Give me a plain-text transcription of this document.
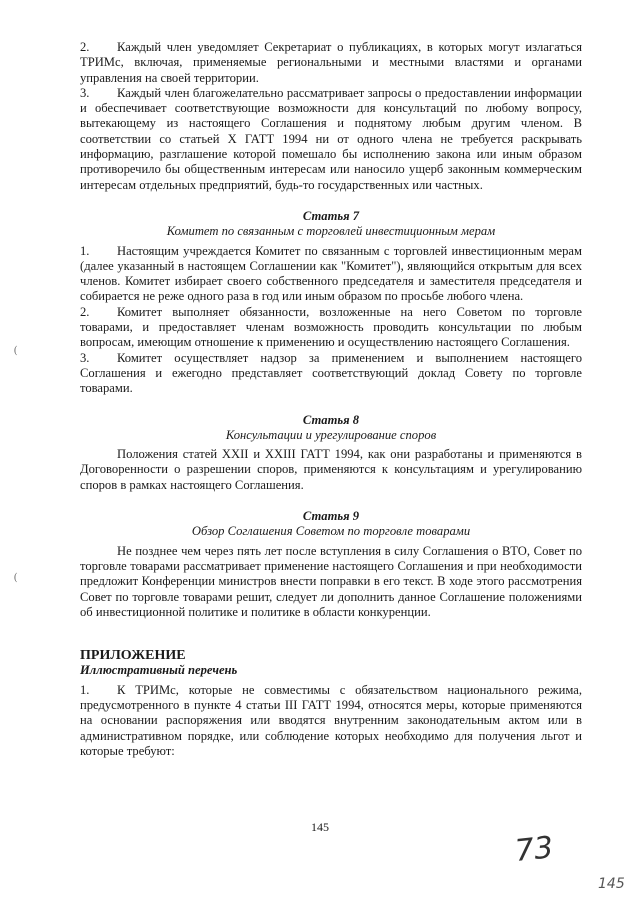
2. Каждый член уведомляет Секретариат о публикациях, в которых могут излагаться ТРИМс, включая, применяемые региональными и местными властями и органами управления на своей территории.

3. Каждый член благожелательно рассматривает запросы о предоставлении информации и обеспечивает соответствующие возможности для консультаций по любому вопросу, вытекающему из настоящего Соглашения и поднятому любым другим членом. В соответствии со статьей X ГАТТ 1994 ни от одного члена не требуется раскрывать информацию, разглашение которой помешало бы исполнению закона или иным образом противоречило бы общественным интересам или наносило ущерб законным коммерческим интересам отдельных предприятий, будь-то государственных или частных.

Статья 7
Комитет по связанным с торговлей инвестиционным мерам

1. Настоящим учреждается Комитет по связанным с торговлей инвестиционным мерам (далее указанный в настоящем Соглашении как "Комитет"), являющийся открытым для всех членов. Комитет избирает своего собственного председателя и заместителя председателя и собирается не реже одного раза в год или иным образом по просьбе любого члена.

2. Комитет выполняет обязанности, возложенные на него Советом по торговле товарами, и предоставляет членам возможность проводить консультации по любым вопросам, имеющим отношение к применению и осуществлению настоящего Соглашения.

3. Комитет осуществляет надзор за применением и выполнением настоящего Соглашения и ежегодно представляет соответствующий доклад Совету по торговле товарами.

Статья 8
Консультации и урегулирование споров

Положения статей XXII и XXIII ГАТТ 1994, как они разработаны и применяются в Договоренности о разрешении споров, применяются к консультациям и урегулированию споров в рамках настоящего Соглашения.

Статья 9
Обзор Соглашения Советом по торговле товарами

Не позднее чем через пять лет после вступления в силу Соглашения о ВТО, Совет по торговле товарами рассматривает применение настоящего Соглашения и при необходимости предложит Конференции министров внести поправки в его текст. В ходе этого рассмотрения Совет по торговле товарами решит, следует ли дополнить данное Соглашение положениями об инвестиционной политике и политике в области конкуренции.

ПРИЛОЖЕНИЕ
Иллюстративный перечень

1. К ТРИМс, которые не совместимы с обязательством национального режима, предусмотренного в пункте 4 статьи III ГАТТ 1994, относятся меры, которые применяются на основании распоряжения или вводятся внутренним законодательным актом или в административном порядке, или соблюдение которых необходимо для получения льгот и которые требуют:

(
(
145
73
145
